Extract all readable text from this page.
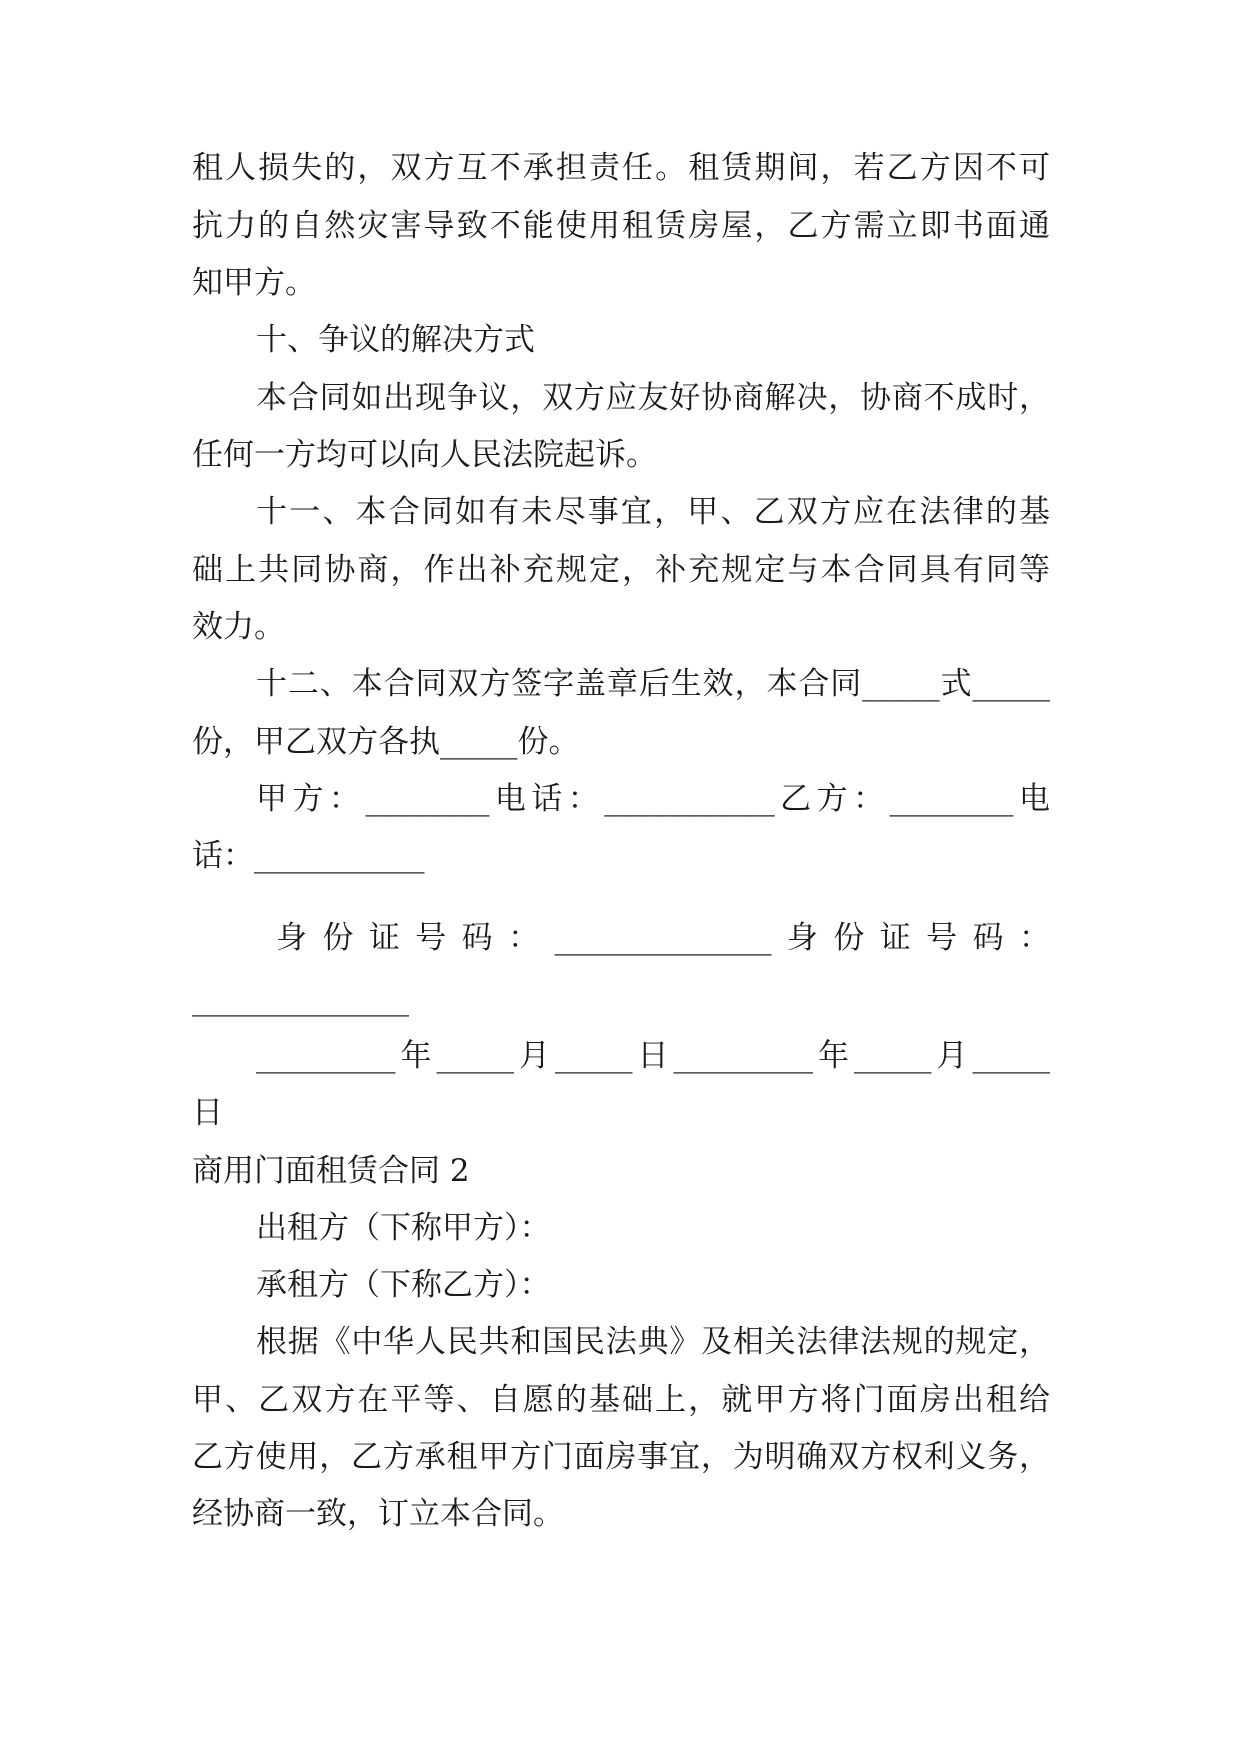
租人损失的，双方互不承担责任。租赁期间，若乙方因不可
抗力的自然灾害导致不能使用租赁房屋，乙方需立即书面通
知甲方。
十、争议的解决方式
本合同如出现争议，双方应友好协商解决，协商不成时，
任何一方均可以向人民法院起诉。
十一、本合同如有未尽事宜，甲、乙双方应在法律的基
础上共同协商，作出补充规定，补充规定与本合同具有同等
效力。
十二、本合同双方签字盖章后生效，本合同_____式_____
份，甲乙双方各执_____份。
甲方：________电话：___________乙方：________电
话：___________
身份证号码：______________身份证号码：
______________
_________年_____月_____日_________年_____月_____
日
商用门面租赁合同 2
出租方（下称甲方）：
承租方（下称乙方）：
根据《中华人民共和国民法典》及相关法律法规的规定，
甲、乙双方在平等、自愿的基础上，就甲方将门面房出租给
乙方使用，乙方承租甲方门面房事宜，为明确双方权利义务，
经协商一致，订立本合同。
